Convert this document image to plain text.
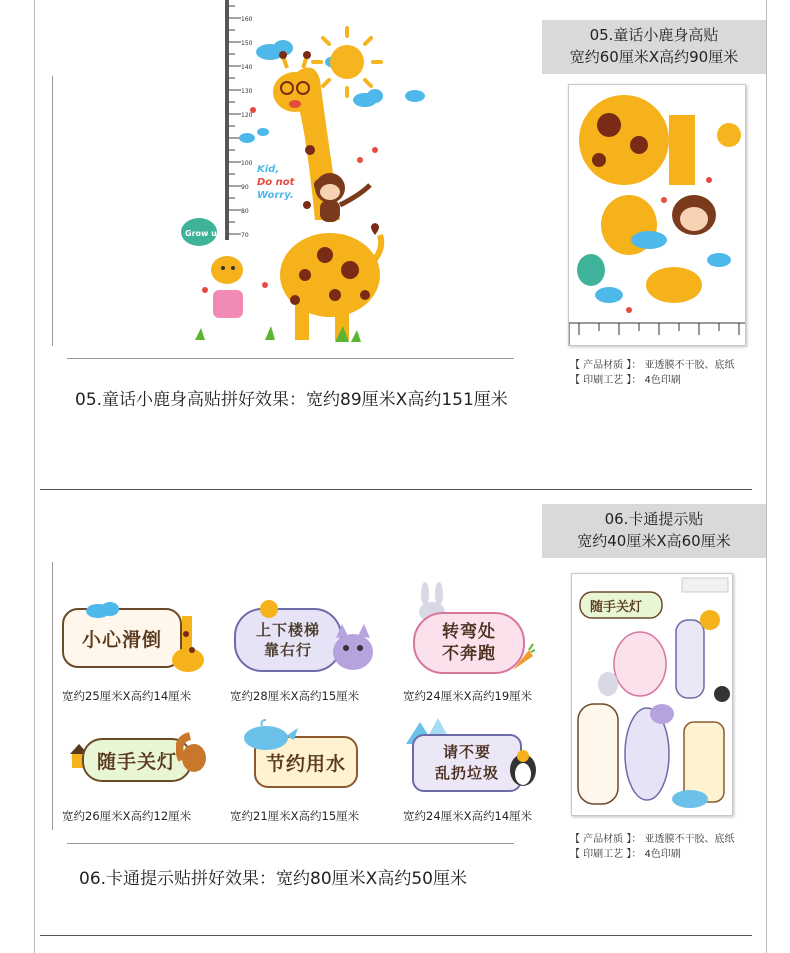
160
150
140
130
120
100
90
80
70
Kid,
Do not
Worry.
Grow up!
05.童话小鹿身高贴拼好效果：宽约89厘米X高约151厘米
05.童话小鹿身高贴
宽约60厘米X高约90厘米
【 产品材质 】： 亚透膜不干胶、底纸
【 印刷工艺 】： 4色印刷
06.卡通提示贴
宽约40厘米X高60厘米
小心滑倒
宽约25厘米X高约14厘米
上下楼梯
靠右行
宽约28厘米X高约15厘米
转弯处
不奔跑
宽约24厘米X高约19厘米
随手关灯
宽约26厘米X高约12厘米
节约用水
宽约21厘米X高约15厘米
请不要
乱扔垃圾
宽约24厘米X高约14厘米
随手关灯
【 产品材质 】： 亚透膜不干胶、底纸
【 印刷工艺 】： 4色印刷
06.卡通提示贴拼好效果：宽约80厘米X高约50厘米
